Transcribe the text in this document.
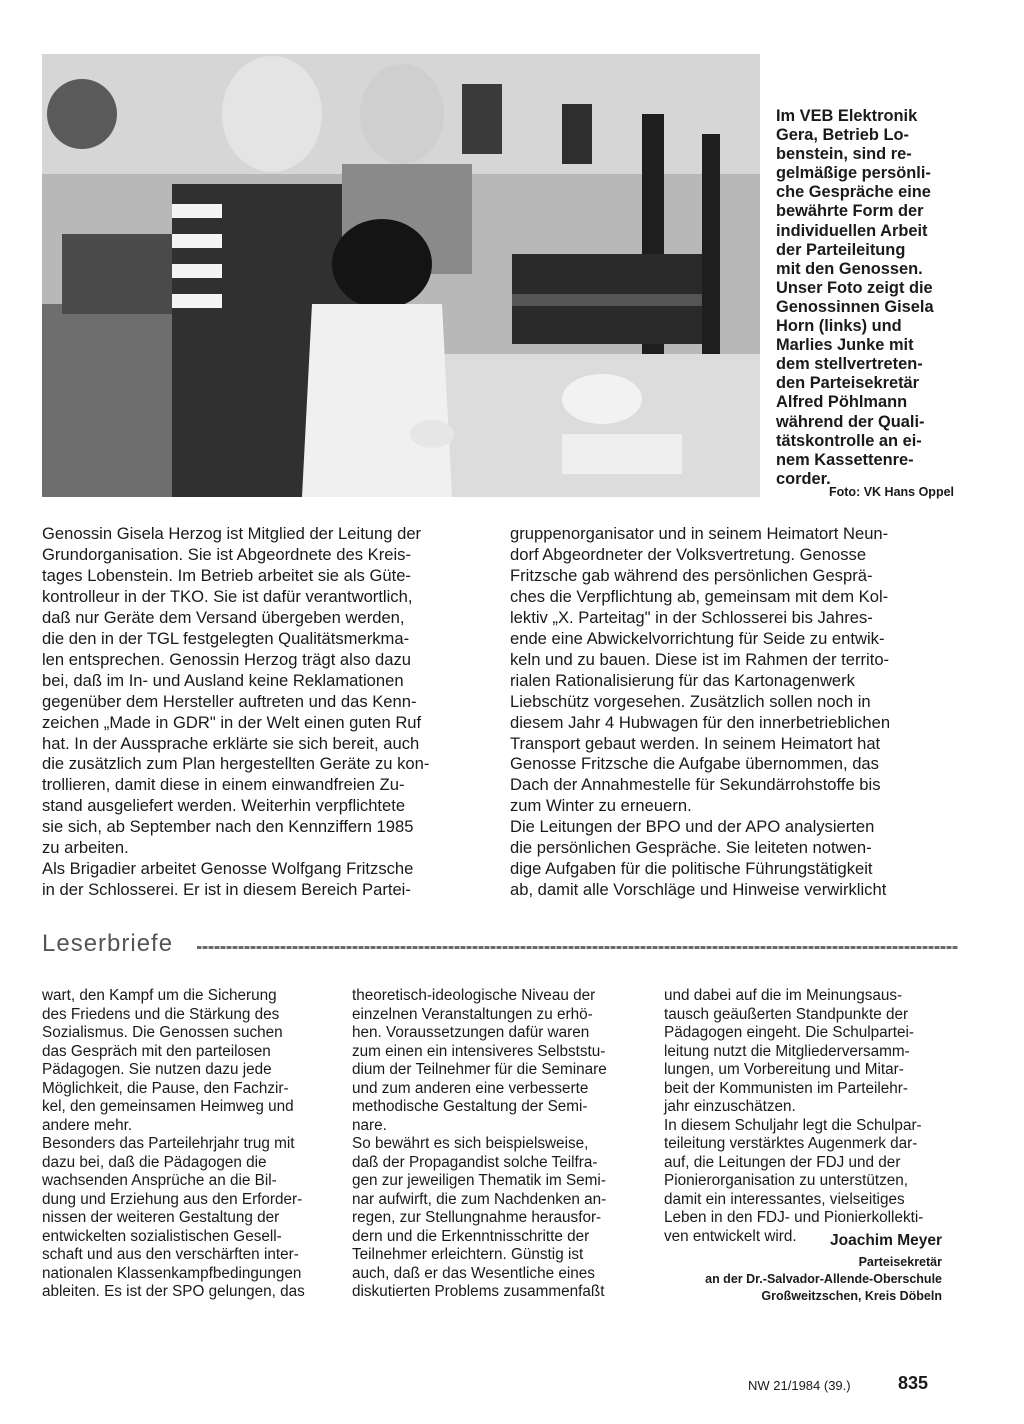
Im VEB Elektronik
Gera, Betrieb Lo-
benstein, sind re-
gelmäßige persönli-
che Gespräche eine
bewährte Form der
individuellen Arbeit
der Parteileitung
mit den Genossen.
Unser Foto zeigt die
Genossinnen Gisela
Horn (links) und
Marlies Junke mit
dem stellvertreten-
den Parteisekretär
Alfred Pöhlmann
während der Quali-
tätskontrolle an ei-
nem Kassettenre-
corder.

Foto: VK Hans Oppel

Genossin Gisela Herzog ist Mitglied der Leitung der
Grundorganisation. Sie ist Abgeordnete des Kreis-
tages Lobenstein. Im Betrieb arbeitet sie als Güte-
kontrolleur in der TKO. Sie ist dafür verantwortlich,
daß nur Geräte dem Versand übergeben werden,
die den in der TGL festgelegten Qualitätsmerkma-
len entsprechen. Genossin Herzog trägt also dazu
bei, daß im In- und Ausland keine Reklamationen
gegenüber dem Hersteller auftreten und das Kenn-
zeichen „Made in GDR" in der Welt einen guten Ruf
hat. In der Aussprache erklärte sie sich bereit, auch
die zusätzlich zum Plan hergestellten Geräte zu kon-
trollieren, damit diese in einem einwandfreien Zu-
stand ausgeliefert werden. Weiterhin verpflichtete
sie sich, ab September nach den Kennziffern 1985
zu arbeiten.
Als Brigadier arbeitet Genosse Wolfgang Fritzsche
in der Schlosserei. Er ist in diesem Bereich Partei-

gruppenorganisator und in seinem Heimatort Neun-
dorf Abgeordneter der Volksvertretung. Genosse
Fritzsche gab während des persönlichen Gesprä-
ches die Verpflichtung ab, gemeinsam mit dem Kol-
lektiv „X. Parteitag" in der Schlosserei bis Jahres-
ende eine Abwickelvorrichtung für Seide zu entwik-
keln und zu bauen. Diese ist im Rahmen der territo-
rialen Rationalisierung für das Kartonagenwerk
Liebschütz vorgesehen. Zusätzlich sollen noch in
diesem Jahr 4 Hubwagen für den innerbetrieblichen
Transport gebaut werden. In seinem Heimatort hat
Genosse Fritzsche die Aufgabe übernommen, das
Dach der Annahmestelle für Sekundärrohstoffe bis
zum Winter zu erneuern.
Die Leitungen der BPO und der APO analysierten
die persönlichen Gespräche. Sie leiteten notwen-
dige Aufgaben für die politische Führungstätigkeit
ab, damit alle Vorschläge und Hinweise verwirklicht

Leserbriefe

wart, den Kampf um die Sicherung
des Friedens und die Stärkung des
Sozialismus. Die Genossen suchen
das Gespräch mit den parteilosen
Pädagogen. Sie nutzen dazu jede
Möglichkeit, die Pause, den Fachzir-
kel, den gemeinsamen Heimweg und
andere mehr.
Besonders das Parteilehrjahr trug mit
dazu bei, daß die Pädagogen die
wachsenden Ansprüche an die Bil-
dung und Erziehung aus den Erforder-
nissen der weiteren Gestaltung der
entwickelten sozialistischen Gesell-
schaft und aus den verschärften inter-
nationalen Klassenkampfbedingungen
ableiten. Es ist der SPO gelungen, das

theoretisch-ideologische Niveau der
einzelnen Veranstaltungen zu erhö-
hen. Voraussetzungen dafür waren
zum einen ein intensiveres Selbststu-
dium der Teilnehmer für die Seminare
und zum anderen eine verbesserte
methodische Gestaltung der Semi-
nare.
So bewährt es sich beispielsweise,
daß der Propagandist solche Teilfra-
gen zur jeweiligen Thematik im Semi-
nar aufwirft, die zum Nachdenken an-
regen, zur Stellungnahme herausfor-
dern und die Erkenntnisschritte der
Teilnehmer erleichtern. Günstig ist
auch, daß er das Wesentliche eines
diskutierten Problems zusammenfaßt

und dabei auf die im Meinungsaus-
tausch geäußerten Standpunkte der
Pädagogen eingeht. Die Schulpartei-
leitung nutzt die Mitgliederversamm-
lungen, um Vorbereitung und Mitar-
beit der Kommunisten im Parteilehr-
jahr einzuschätzen.
In diesem Schuljahr legt die Schulpar-
teileitung verstärktes Augenmerk dar-
auf, die Leitungen der FDJ und der
Pionierorganisation zu unterstützen,
damit ein interessantes, vielseitiges
Leben in den FDJ- und Pionierkollekti-
ven entwickelt wird.	Joachim Meyer

Parteisekretär
an der Dr.-Salvador-Allende-Oberschule
Großweitzschen, Kreis Döbeln

NW 21/1984 (39.)	835
